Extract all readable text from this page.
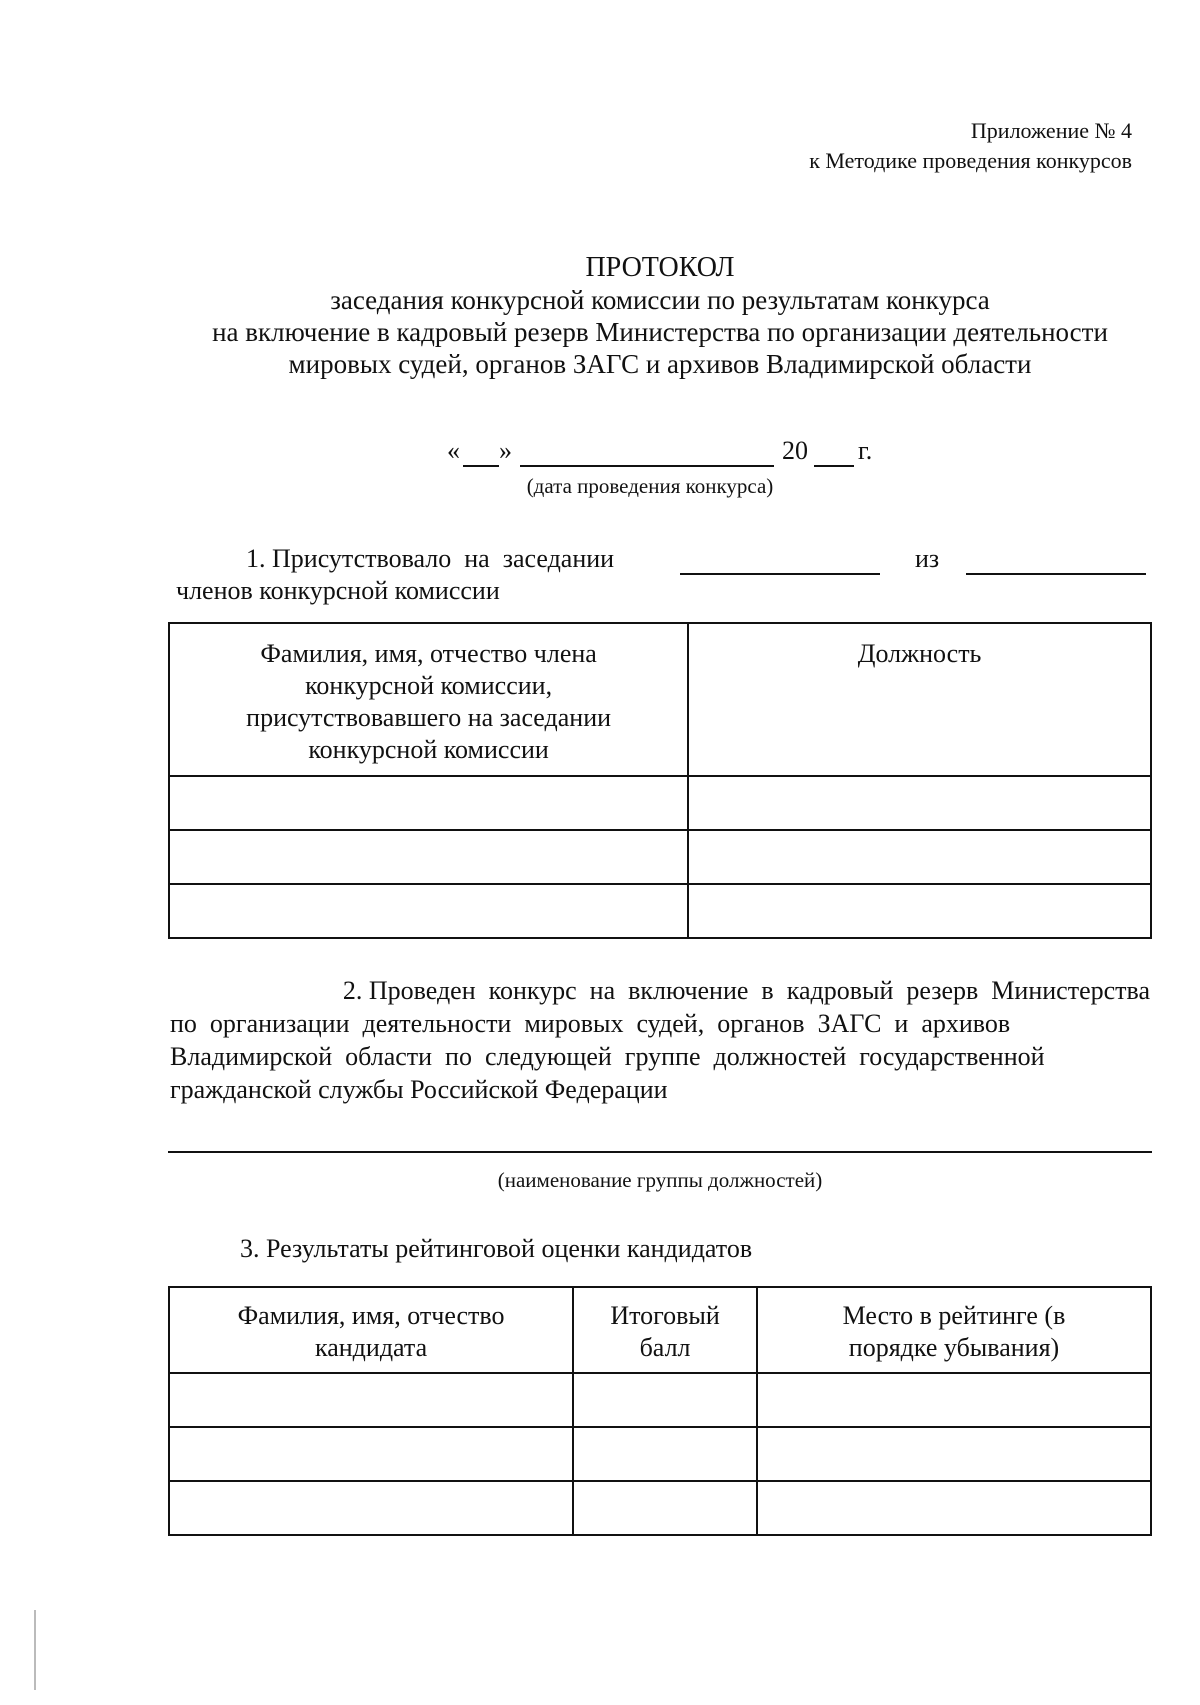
Приложение № 4
к Методике проведения конкурсов
ПРОТОКОЛ
заседания конкурсной комиссии по результатам конкурса
на включение в кадровый резерв Министерства по организации деятельности
мировых судей, органов ЗАГС и архивов Владимирской области
« »	20 г.
(дата проведения конкурса)
1. Присутствовало  на  заседании	из
членов конкурсной комиссии
Фамилия, имя, отчество члена конкурсной комиссии, присутствовавшего на заседании конкурсной комиссии	Должность

2. Проведен  конкурс  на  включение  в  кадровый  резерв  Министерства
по  организации  деятельности  мировых  судей,  органов  ЗАГС  и  архивов
Владимирской  области  по  следующей  группе  должностей  государственной
гражданской службы Российской Федерации
(наименование группы должностей)
3. Результаты рейтинговой оценки кандидатов
Фамилия, имя, отчество кандидата	Итоговый балл	Место в рейтинге (в порядке убывания)
